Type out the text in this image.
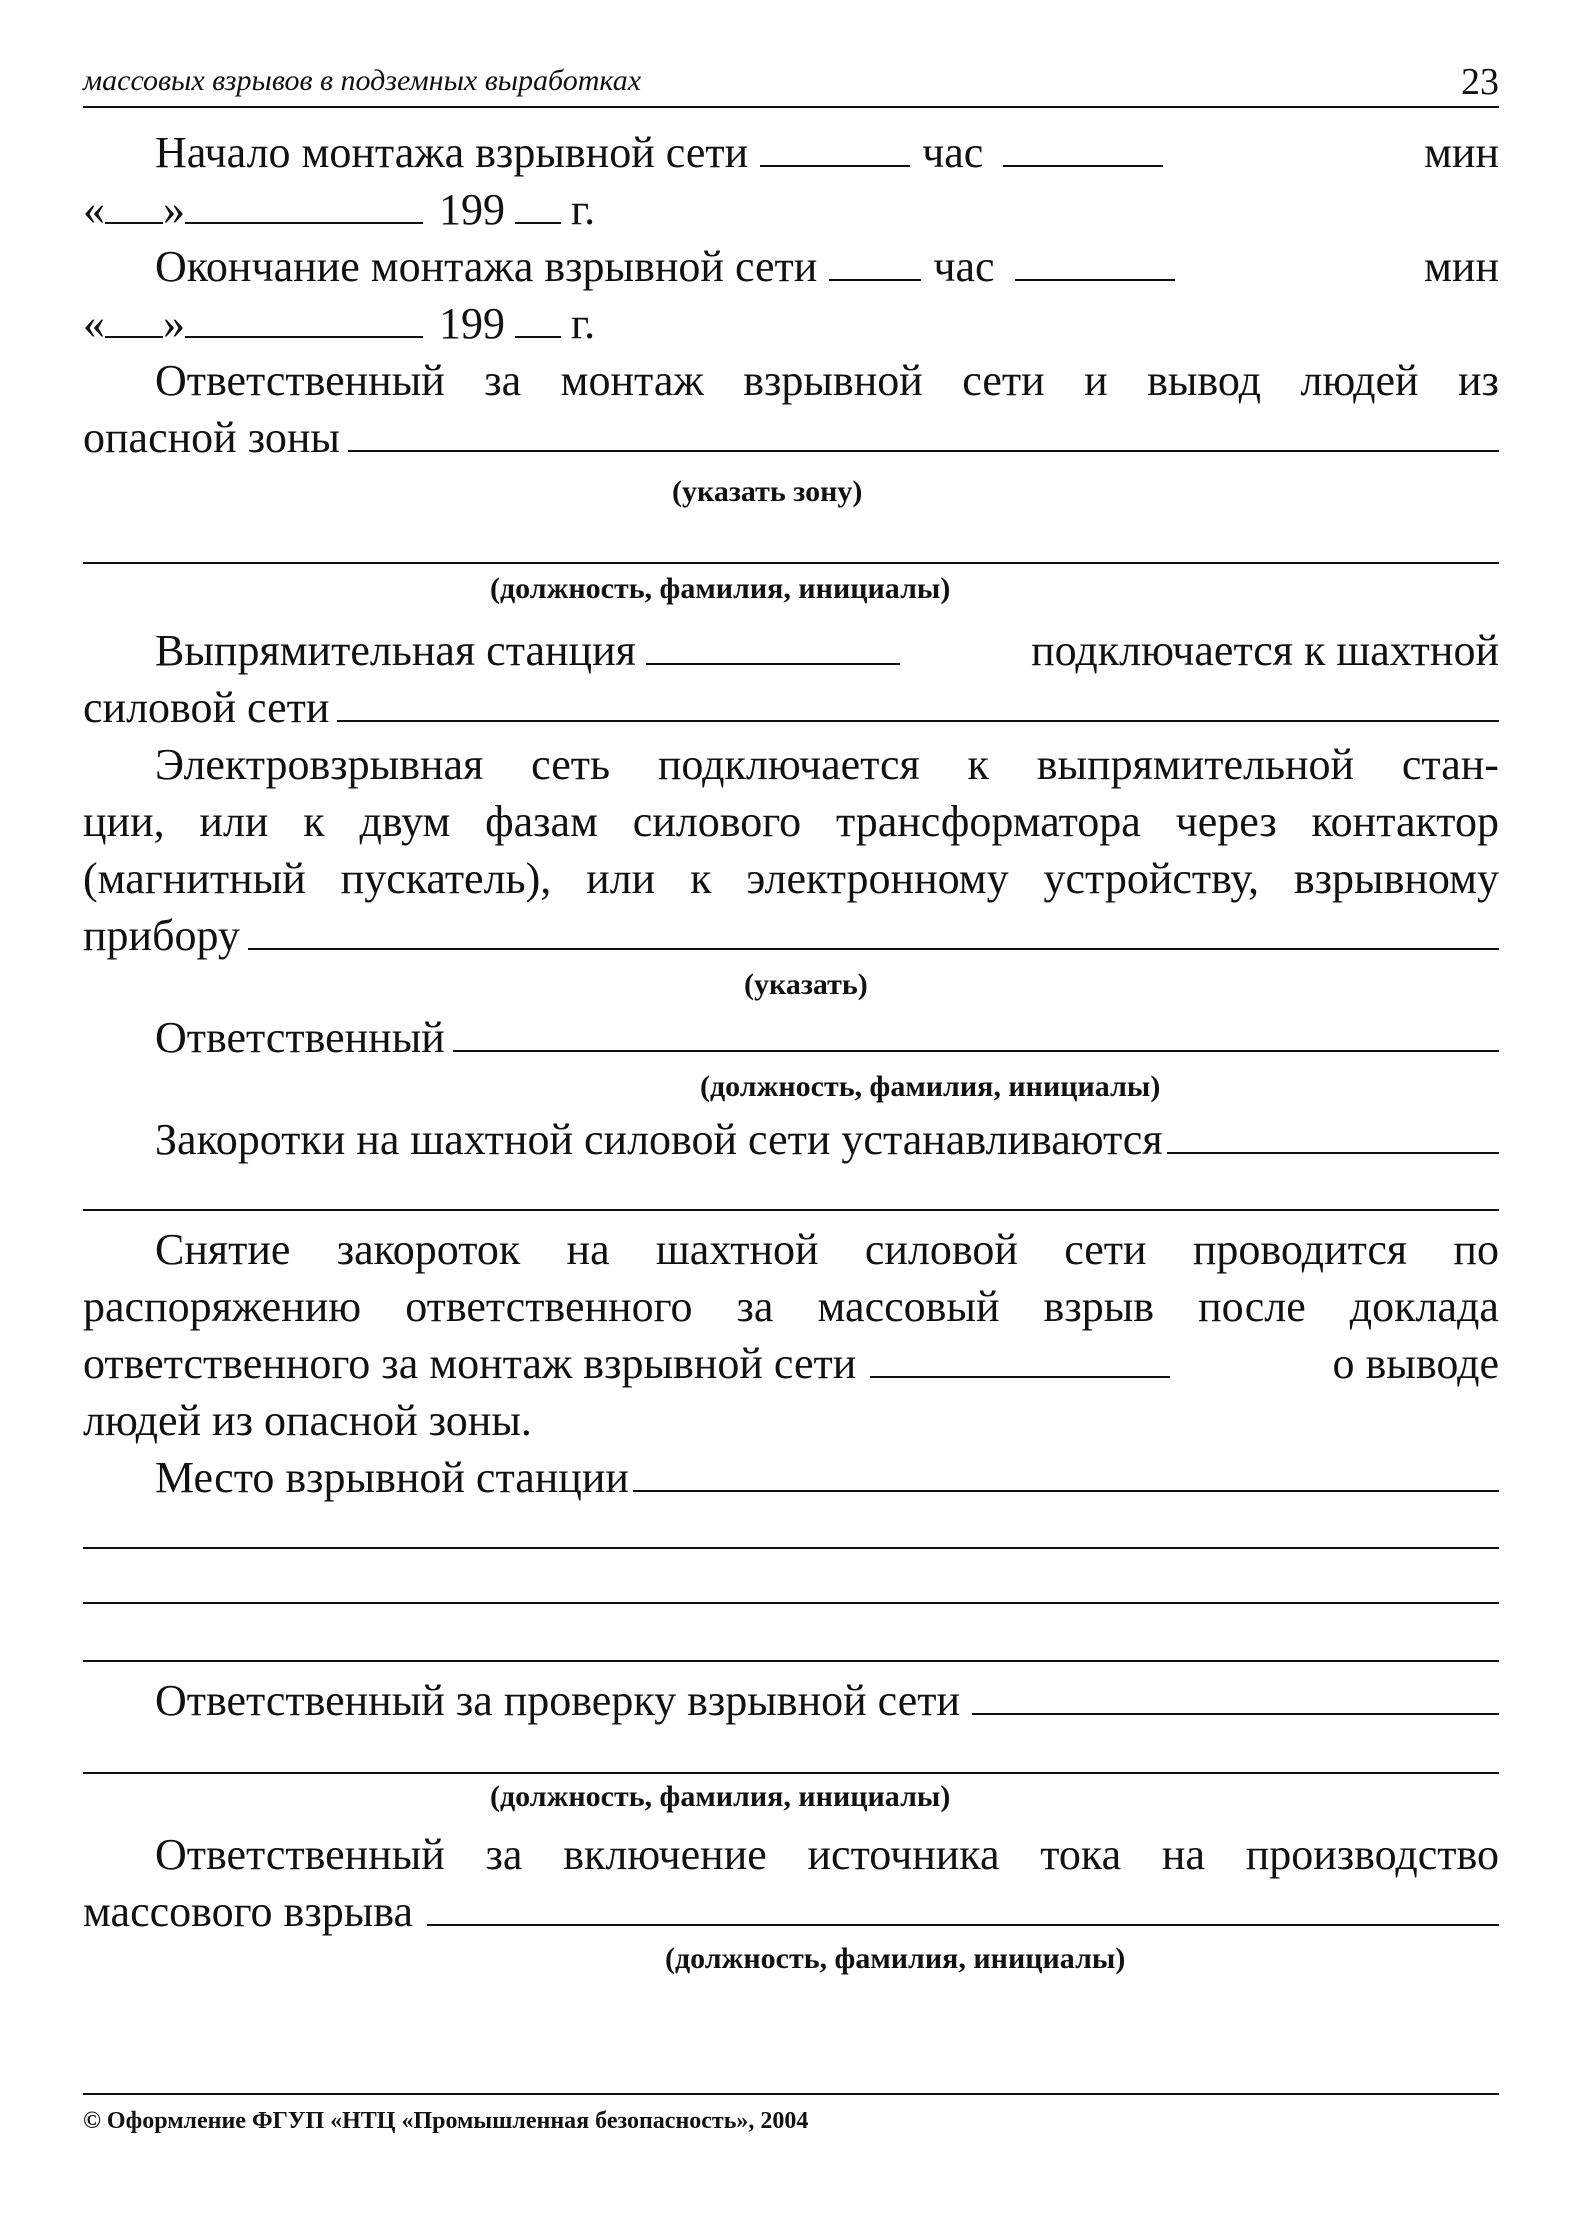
массовых взрывов в подземных выработках	23
Начало монтажа взрывной сети	час	мин
« »	199 г.
Окончание монтажа взрывной сети	час	мин
« »	199 г.
Ответственный за монтаж взрывной сети и вывод людей из
опасной зоны
(указать зону)
(должность, фамилия, инициалы)
Выпрямительная станция	подключается к шахтной
силовой сети
Электровзрывная сеть подключается к выпрямительной стан-
ции, или к двум фазам силового трансформатора через контактор
(магнитный пускатель), или к электронному устройству, взрывному
прибору
(указать)
Ответственный
(должность, фамилия, инициалы)
Закоротки на шахтной силовой сети устанавливаются
Снятие закороток на шахтной силовой сети проводится по
распоряжению ответственного за массовый взрыв после доклада
ответственного за монтаж взрывной сети	о выводе
людей из опасной зоны.
Место взрывной станции
Ответственный за проверку взрывной сети
(должность, фамилия, инициалы)
Ответственный за включение источника тока на производство
массового взрыва
(должность, фамилия, инициалы)
© Оформление ФГУП «НТЦ «Промышленная безопасность», 2004
